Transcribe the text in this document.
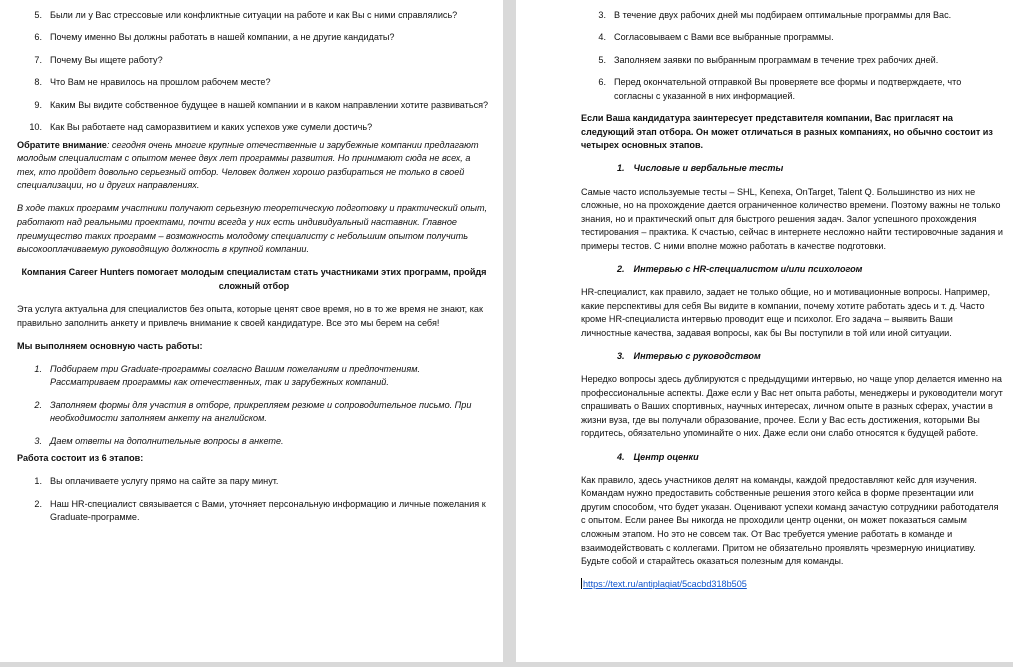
5. Были ли у Вас стрессовые или конфликтные ситуации на работе и как Вы с ними справлялись?
6. Почему именно Вы должны работать в нашей компании, а не другие кандидаты?
7. Почему Вы ищете работу?
8. Что Вам не нравилось на прошлом рабочем месте?
9. Каким Вы видите собственное будущее в нашей компании и в каком направлении хотите развиваться?
10. Как Вы работаете над саморазвитием и каких успехов уже сумели достичь?

Обратите внимание: сегодня очень многие крупные отечественные и зарубежные компании предлагают молодым специалистам с опытом менее двух лет программы развития. Но принимают сюда не всех, а тех, кто пройдет довольно серьезный отбор. Человек должен хорошо разбираться не только в своей специализации, но и других направлениях.

В ходе таких программ участники получают серьезную теоретическую подготовку и практический опыт, работают над реальными проектами, почти всегда у них есть индивидуальный наставник. Главное преимущество таких программ – возможность молодому специалисту с небольшим опытом получить высокооплачиваемую руководящую должность в крупной компании.

Компания Career Hunters помогает молодым специалистам стать участниками этих программ, пройдя сложный отбор

Эта услуга актуальна для специалистов без опыта, которые ценят свое время, но в то же время не знают, как правильно заполнить анкету и привлечь внимание к своей кандидатуре. Все это мы берем на себя!

Мы выполняем основную часть работы:

1. Подбираем три Graduate-программы согласно Вашим пожеланиям и предпочтениям. Рассматриваем программы как отечественных, так и зарубежных компаний.
2. Заполняем формы для участия в отборе, прикрепляем резюме и сопроводительное письмо. При необходимости заполняем анкету на английском.
3. Даем ответы на дополнительные вопросы в анкете.

Работа состоит из 6 этапов:

1. Вы оплачиваете услугу прямо на сайте за пару минут.
2. Наш HR-специалист связывается с Вами, уточняет персональную информацию и личные пожелания к Graduate-программе.
3. В течение двух рабочих дней мы подбираем оптимальные программы для Вас.
4. Согласовываем с Вами все выбранные программы.
5. Заполняем заявки по выбранным программам в течение трех рабочих дней.
6. Перед окончательной отправкой Вы проверяете все формы и подтверждаете, что согласны с указанной в них информацией.

Если Ваша кандидатура заинтересует представителя компании, Вас пригласят на следующий этап отбора. Он может отличаться в разных компаниях, но обычно состоит из четырех основных этапов.

1. Числовые и вербальные тесты

Самые часто используемые тесты – SHL, Kenexa, OnTarget, Talent Q. Большинство из них не сложные, но на прохождение дается ограниченное количество времени. Поэтому важны не только знания, но и практический опыт для быстрого решения задач. Залог успешного прохождения тестирования – практика. К счастью, сейчас в интернете несложно найти тестировочные задания и примеры тестов. С ними вполне можно работать в качестве подготовки.

2. Интервью с HR-специалистом и/или психологом

HR-специалист, как правило, задает не только общие, но и мотивационные вопросы. Например, какие перспективы для себя Вы видите в компании, почему хотите работать здесь и т. д. Часто кроме HR-специалиста интервью проводит еще и психолог. Его задача – выявить Ваши личностные качества, задавая вопросы, как бы Вы поступили в той или иной ситуации.

3. Интервью с руководством

Нередко вопросы здесь дублируются с предыдущими интервью, но чаще упор делается именно на профессиональные аспекты. Даже если у Вас нет опыта работы, менеджеры и руководители могут спрашивать о Ваших спортивных, научных интересах, личном опыте в разных сферах, участии в жизни вуза, где вы получали образование, прочее. Если у Вас есть достижения, которыми Вы гордитесь, обязательно упоминайте о них. Даже если они слабо относятся к будущей работе.

4. Центр оценки

Как правило, здесь участников делят на команды, каждой предоставляют кейс для изучения. Командам нужно предоставить собственные решения этого кейса в форме презентации или другим способом, что будет указан. Оценивают успехи команд зачастую сотрудники работодателя с опытом. Если ранее Вы никогда не проходили центр оценки, он может показаться самым сложным этапом. Но это не совсем так. От Вас требуется умение работать в команде и взаимодействовать с коллегами. Притом не обязательно проявлять чрезмерную инициативу. Будьте собой и старайтесь оказаться полезным для команды.

https://text.ru/antiplagiat/5cacbd318b505
